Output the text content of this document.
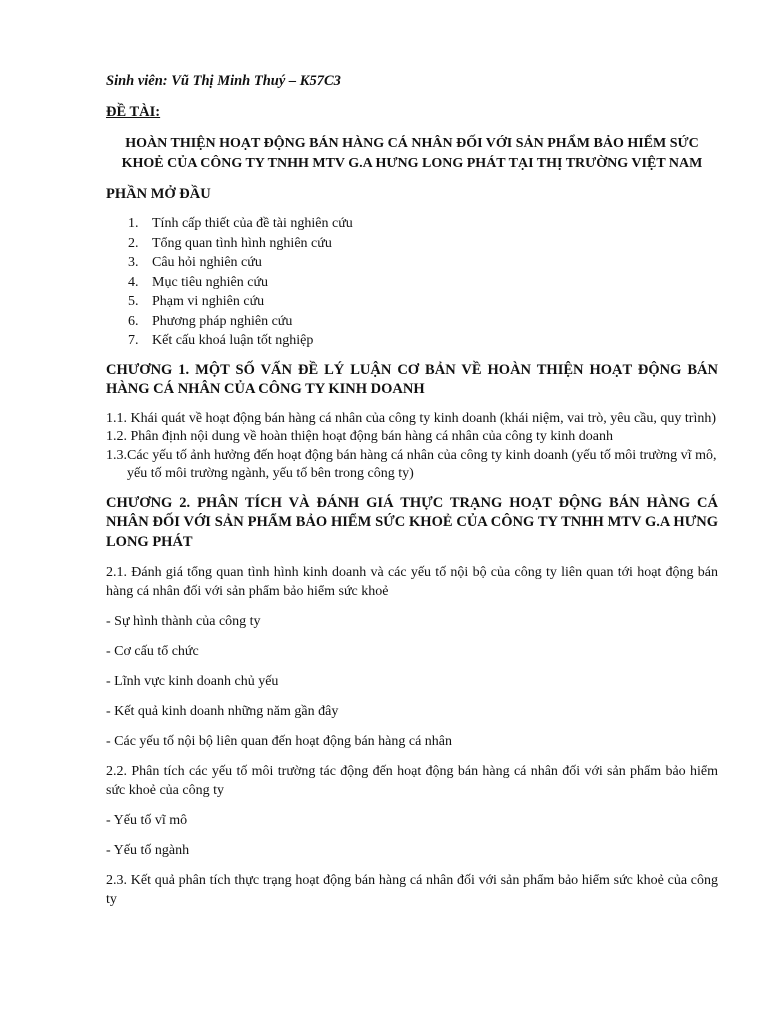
Sinh viên: Vũ Thị Minh Thuý – K57C3

ĐỀ TÀI:

HOÀN THIỆN HOẠT ĐỘNG BÁN HÀNG CÁ NHÂN ĐỐI VỚI SẢN PHẨM BẢO HIỂM SỨC KHOẺ CỦA CÔNG TY TNHH MTV G.A HƯNG LONG PHÁT TẠI THỊ TRƯỜNG VIỆT NAM

PHẦN MỞ ĐẦU

1. Tính cấp thiết của đề tài nghiên cứu
2. Tổng quan tình hình nghiên cứu
3. Câu hỏi nghiên cứu
4. Mục tiêu nghiên cứu
5. Phạm vi nghiên cứu
6. Phương pháp nghiên cứu
7. Kết cấu khoá luận tốt nghiệp

CHƯƠNG 1. MỘT SỐ VẤN ĐỀ LÝ LUẬN CƠ BẢN VỀ HOÀN THIỆN HOẠT ĐỘNG BÁN HÀNG CÁ NHÂN CỦA CÔNG TY KINH DOANH

1.1. Khái quát về hoạt động bán hàng cá nhân của công ty kinh doanh (khái niệm, vai trò, yêu cầu, quy trình)

1.2. Phân định nội dung về hoàn thiện hoạt động bán hàng cá nhân của công ty kinh doanh

1.3.Các yếu tố ảnh hưởng đến hoạt động bán hàng cá nhân của công ty kinh doanh (yếu tố môi trường vĩ mô, yếu tố môi trường ngành, yếu tố bên trong công ty)

CHƯƠNG 2. PHÂN TÍCH VÀ ĐÁNH GIÁ THỰC TRẠNG HOẠT ĐỘNG BÁN HÀNG CÁ NHÂN ĐỐI VỚI SẢN PHẨM BẢO HIỂM SỨC KHOẺ CỦA CÔNG TY TNHH MTV G.A HƯNG LONG PHÁT

2.1. Đánh giá tổng quan tình hình kinh doanh và các yếu tố nội bộ của công ty liên quan tới hoạt động bán hàng cá nhân đối với sản phẩm bảo hiểm sức khoẻ

- Sự hình thành của công ty

- Cơ cấu tổ chức

- Lĩnh vực kinh doanh chủ yếu

- Kết quả kinh doanh những năm gần đây

- Các yếu tố nội bộ liên quan đến hoạt động bán hàng cá nhân

2.2. Phân tích các yếu tố môi trường tác động đến hoạt động bán hàng cá nhân đối với sản phẩm bảo hiểm sức khoẻ của công ty

- Yếu tố vĩ mô

- Yếu tố ngành

2.3. Kết quả phân tích thực trạng hoạt động bán hàng cá nhân đối với sản phẩm bảo hiểm sức khoẻ của công ty
